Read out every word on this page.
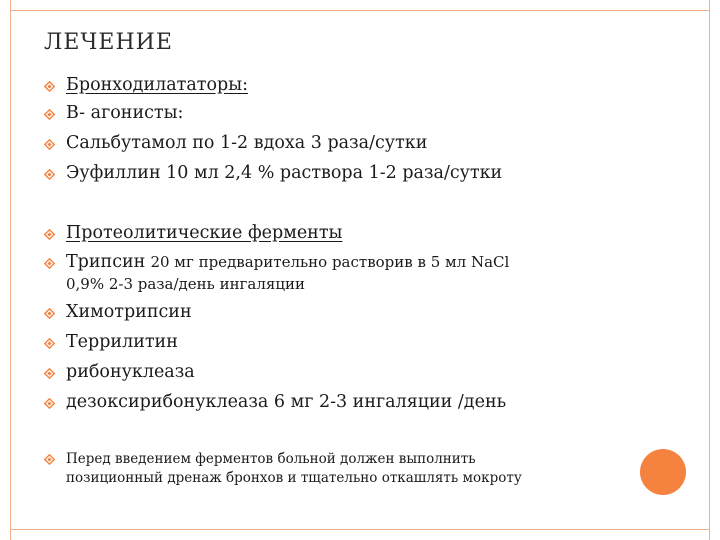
ЛЕЧЕНИЕ
Бронходилататоры:
B- агонисты:
Сальбутамол по 1-2 вдоха 3 раза/сутки
Эуфиллин 10 мл 2,4 % раствора 1-2 раза/сутки
Протеолитические ферменты
Трипсин 20 мг предварительно растворив в 5 мл NaCl
0,9% 2-3 раза/день ингаляции
Химотрипсин
Террилитин
рибонуклеаза
дезоксирибонуклеаза 6 мг 2-3 ингаляции /день
Перед введением ферментов больной должен выполнить
позиционный дренаж бронхов и тщательно откашлять мокроту
